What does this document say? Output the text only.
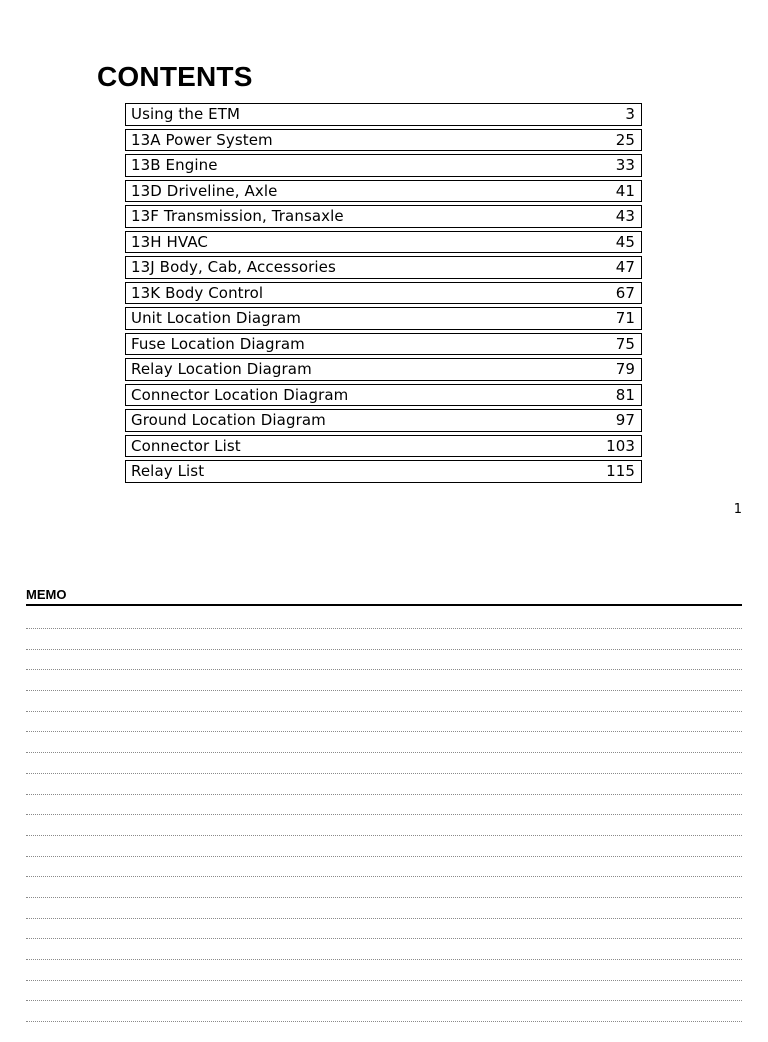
CONTENTS
Using the ETM	3
13A Power System	25
13B Engine	33
13D Driveline, Axle	41
13F Transmission, Transaxle	43
13H HVAC	45
13J Body, Cab, Accessories	47
13K Body Control	67
Unit Location Diagram	71
Fuse Location Diagram	75
Relay Location Diagram	79
Connector Location Diagram	81
Ground Location Diagram	97
Connector List	103
Relay List	115
1
MEMO
